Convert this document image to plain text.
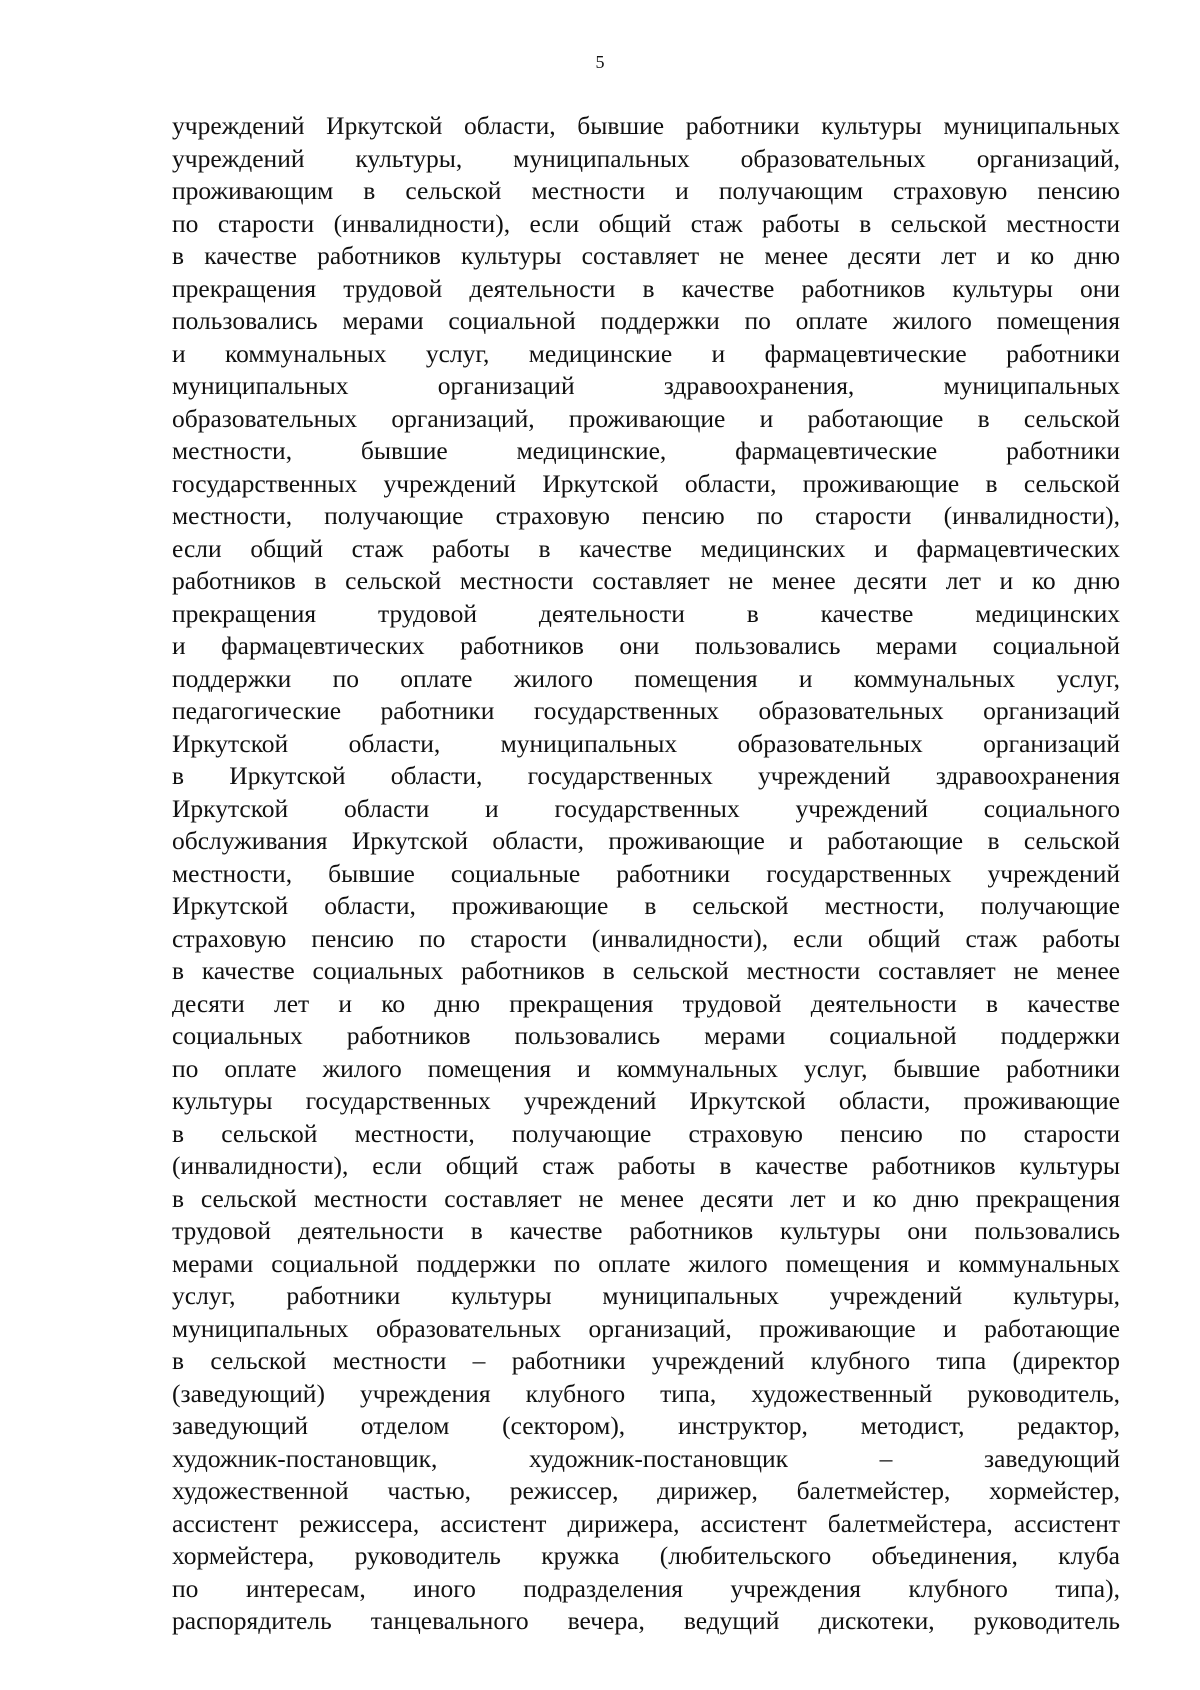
5
учреждений Иркутской области, бывшие работники культуры муниципальных
учреждений культуры, муниципальных образовательных организаций,
проживающим в сельской местности и получающим страховую пенсию
по старости (инвалидности), если общий стаж работы в сельской местности
в качестве работников культуры составляет не менее десяти лет и ко дню
прекращения трудовой деятельности в качестве работников культуры они
пользовались мерами социальной поддержки по оплате жилого помещения
и коммунальных услуг, медицинские и фармацевтические работники
муниципальных организаций здравоохранения, муниципальных
образовательных организаций, проживающие и работающие в сельской
местности, бывшие медицинские, фармацевтические работники
государственных учреждений Иркутской области, проживающие в сельской
местности, получающие страховую пенсию по старости (инвалидности),
если общий стаж работы в качестве медицинских и фармацевтических
работников в сельской местности составляет не менее десяти лет и ко дню
прекращения трудовой деятельности в качестве медицинских
и фармацевтических работников они пользовались мерами социальной
поддержки по оплате жилого помещения и коммунальных услуг,
педагогические работники государственных образовательных организаций
Иркутской области, муниципальных образовательных организаций
в Иркутской области, государственных учреждений здравоохранения
Иркутской области и государственных учреждений социального
обслуживания Иркутской области, проживающие и работающие в сельской
местности, бывшие социальные работники государственных учреждений
Иркутской области, проживающие в сельской местности, получающие
страховую пенсию по старости (инвалидности), если общий стаж работы
в качестве социальных работников в сельской местности составляет не менее
десяти лет и ко дню прекращения трудовой деятельности в качестве
социальных работников пользовались мерами социальной поддержки
по оплате жилого помещения и коммунальных услуг, бывшие работники
культуры государственных учреждений Иркутской области, проживающие
в сельской местности, получающие страховую пенсию по старости
(инвалидности), если общий стаж работы в качестве работников культуры
в сельской местности составляет не менее десяти лет и ко дню прекращения
трудовой деятельности в качестве работников культуры они пользовались
мерами социальной поддержки по оплате жилого помещения и коммунальных
услуг, работники культуры муниципальных учреждений культуры,
муниципальных образовательных организаций, проживающие и работающие
в сельской местности – работники учреждений клубного типа (директор
(заведующий) учреждения клубного типа, художественный руководитель,
заведующий отделом (сектором), инструктор, методист, редактор,
художник-постановщик, художник-постановщик – заведующий
художественной частью, режиссер, дирижер, балетмейстер, хормейстер,
ассистент режиссера, ассистент дирижера, ассистент балетмейстера, ассистент
хормейстера, руководитель кружка (любительского объединения, клуба
по интересам, иного подразделения учреждения клубного типа),
распорядитель танцевального вечера, ведущий дискотеки, руководитель
